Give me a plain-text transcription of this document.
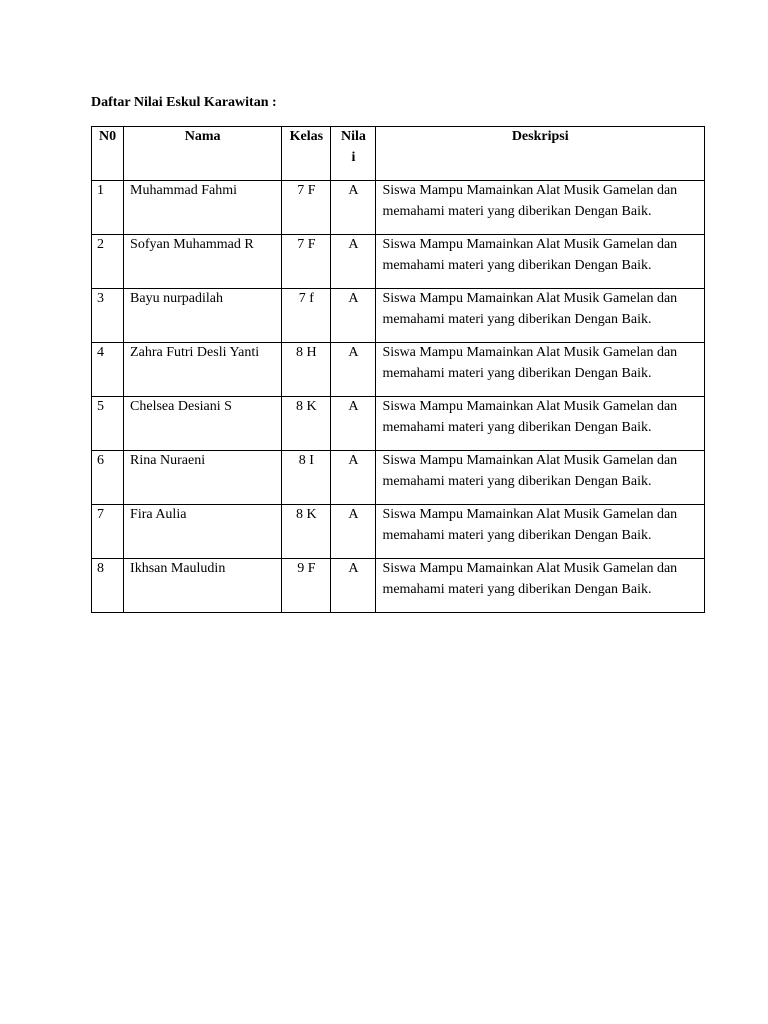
Daftar Nilai Eskul Karawitan :
N0	Nama	Kelas	Nilai	Deskripsi

1	Muhammad Fahmi	7 F	A	Siswa Mampu Mamainkan Alat Musik Gamelan dan memahami materi yang diberikan Dengan Baik.

2	Sofyan Muhammad R	7 F	A	Siswa Mampu Mamainkan Alat Musik Gamelan dan memahami materi yang diberikan Dengan Baik.

3	Bayu nurpadilah	7 f	A	Siswa Mampu Mamainkan Alat Musik Gamelan dan memahami materi yang diberikan Dengan Baik.

4	Zahra Futri Desli Yanti	8 H	A	Siswa Mampu Mamainkan Alat Musik Gamelan dan memahami materi yang diberikan Dengan Baik.

5	Chelsea Desiani S	8 K	A	Siswa Mampu Mamainkan Alat Musik Gamelan dan memahami materi yang diberikan Dengan Baik.

6	Rina Nuraeni	8 I	A	Siswa Mampu Mamainkan Alat Musik Gamelan dan memahami materi yang diberikan Dengan Baik.

7	Fira Aulia	8 K	A	Siswa Mampu Mamainkan Alat Musik Gamelan dan memahami materi yang diberikan Dengan Baik.

8	Ikhsan Mauludin	9 F	A	Siswa Mampu Mamainkan Alat Musik Gamelan dan memahami materi yang diberikan Dengan Baik.
